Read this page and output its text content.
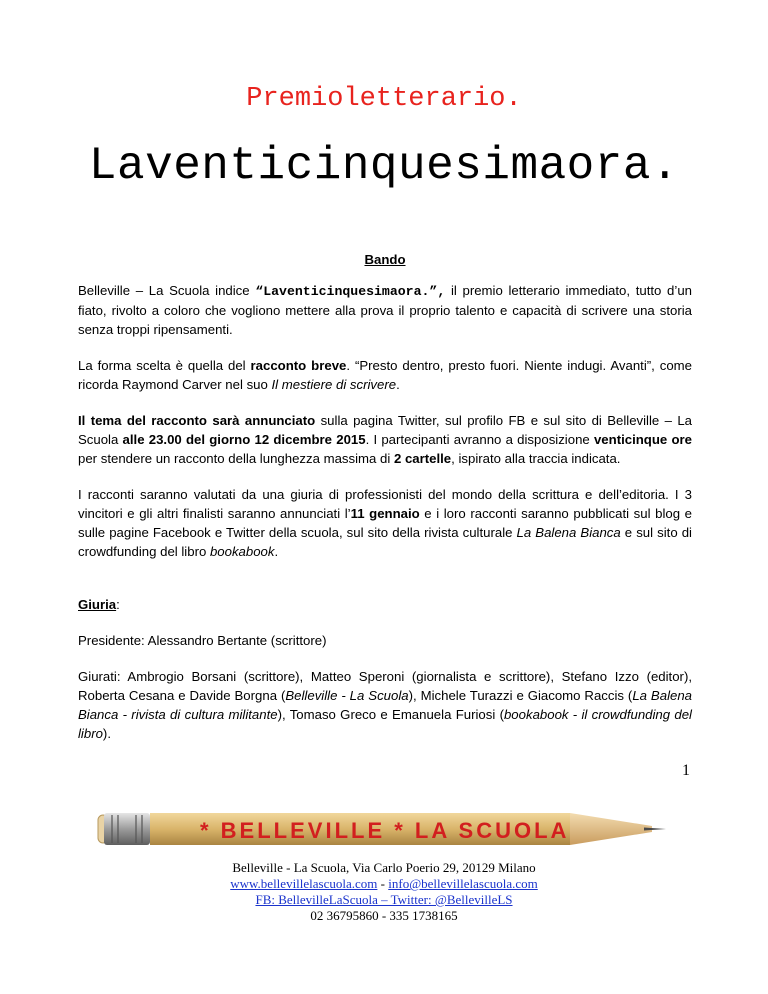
Premioletterario.
Laventicinquesimaora.
Bando

Belleville – La Scuola indice “Laventicinquesimaora.”, il premio letterario immediato, tutto d’un fiato, rivolto a coloro che vogliono mettere alla prova il proprio talento e capacità di scrivere una storia senza troppi ripensamenti.

La forma scelta è quella del racconto breve. “Presto dentro, presto fuori. Niente indugi. Avanti”, come ricorda Raymond Carver nel suo Il mestiere di scrivere.

Il tema del racconto sarà annunciato sulla pagina Twitter, sul profilo FB e sul sito di Belleville – La Scuola alle 23.00 del giorno 12 dicembre 2015. I partecipanti avranno a disposizione venticinque ore per stendere un racconto della lunghezza massima di 2 cartelle, ispirato alla traccia indicata.

I racconti saranno valutati da una giuria di professionisti del mondo della scrittura e dell’editoria. I 3 vincitori e gli altri finalisti saranno annunciati l’11 gennaio e i loro racconti saranno pubblicati sul blog e sulle pagine Facebook e Twitter della scuola, sul sito della rivista culturale La Balena Bianca e sul sito di crowdfunding del libro bookabook.

Giuria:

Presidente: Alessandro Bertante (scrittore)

Giurati: Ambrogio Borsani (scrittore), Matteo Speroni (giornalista e scrittore), Stefano Izzo (editor), Roberta Cesana e Davide Borgna (Belleville - La Scuola), Michele Turazzi e Giacomo Raccis (La Balena Bianca - rivista di cultura militante), Tomaso Greco e Emanuela Furiosi (bookabook - il crowdfunding del libro).

1
* BELLEVILLE * LA SCUOLA
Belleville - La Scuola, Via Carlo Poerio 29, 20129 Milano
www.bellevillelascuola.com - info@bellevillelascuola.com
FB: BellevilleLaScuola – Twitter: @BellevilleLS
02 36795860 - 335 1738165
